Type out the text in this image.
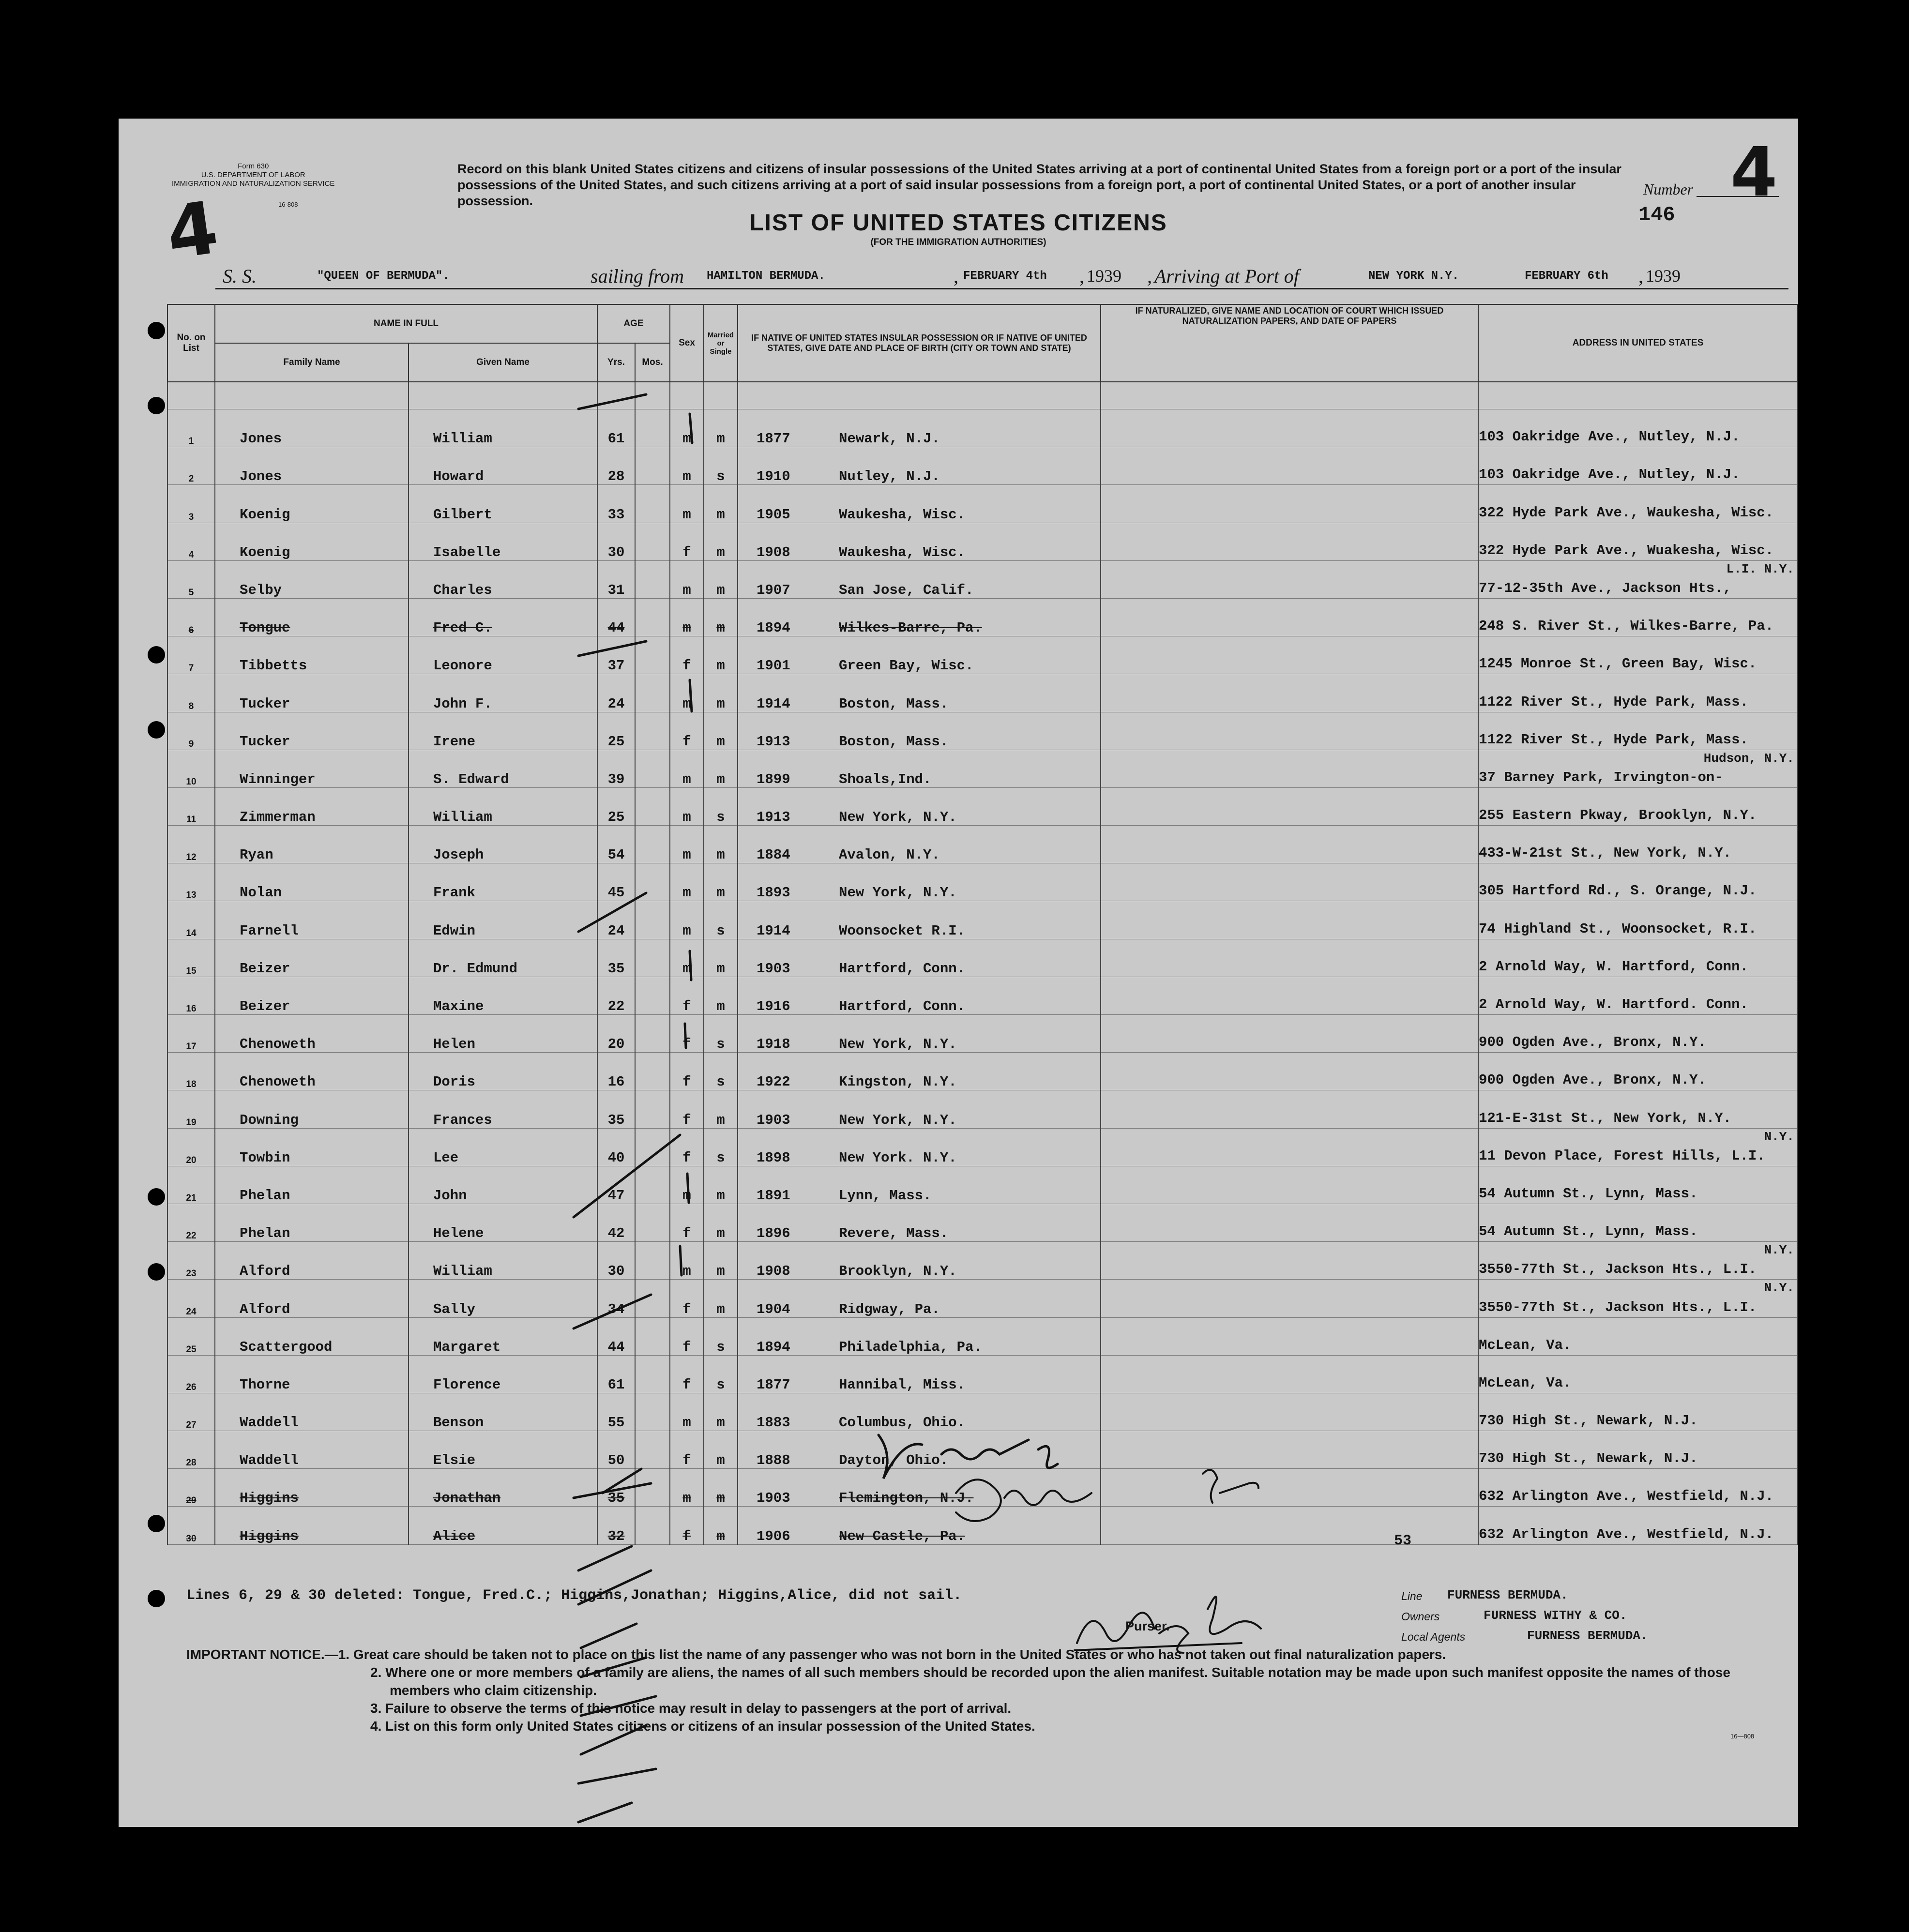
Form 630
U.S. DEPARTMENT OF LABOR
IMMIGRATION AND NATURALIZATION SERVICE
16-808
4
Record on this blank United States citizens and citizens of insular possessions of the United States arriving at a port of continental United States from a foreign port or a port of the insular possessions of the United States, and such citizens arriving at a port of said insular possessions from a foreign port, a port of continental United States, or a port of another insular possession.
Number 4
146
LIST OF UNITED STATES CITIZENS
(FOR THE IMMIGRATION AUTHORITIES)
S. S.	"QUEEN OF BERMUDA".	sailing from HAMILTON BERMUDA.	, FEBRUARY 4th , 1939 , Arriving at Port of	NEW YORK N.Y.	FEBRUARY 6th , 1939
No. on List	NAME IN FULL		AGE		Sex	Married or Single	IF NATIVE OF UNITED STATES INSULAR POSSESSION OR IF NATIVE OF UNITED STATES, GIVE DATE AND PLACE OF BIRTH (CITY OR TOWN AND STATE)	IF NATURALIZED, GIVE NAME AND LOCATION OF COURT WHICH ISSUED NATURALIZATION PAPERS, AND DATE OF PAPERS	ADDRESS IN UNITED STATES
	Family Name	Given Name	Yrs.	Mos.					

1	Jones	William	61		m	m	1877 Newark, N.J.		103 Oakridge Ave., Nutley, N.J.

2	Jones	Howard	28		m	s	1910 Nutley, N.J.		103 Oakridge Ave., Nutley, N.J.

3	Koenig	Gilbert	33		m	m	1905 Waukesha, Wisc.		322 Hyde Park Ave., Waukesha, Wisc.

4	Koenig	Isabelle	30		f	m	1908 Waukesha, Wisc.		322 Hyde Park Ave., Wuakesha, Wisc.

5	Selby	Charles	31		m	m	1907 San Jose, Calif.		L.I. N.Y.
77-12-35th Ave., Jackson Hts.,

6	Tongue	Fred C.	44		m	m	1894 Wilkes-Barre, Pa.		248 S. River St., Wilkes-Barre, Pa.

7	Tibbetts	Leonore	37		f	m	1901 Green Bay, Wisc.		1245 Monroe St., Green Bay, Wisc.

8	Tucker	John F.	24		m	m	1914 Boston, Mass.		1122 River St., Hyde Park, Mass.

9	Tucker	Irene	25		f	m	1913 Boston, Mass.		1122 River St., Hyde Park, Mass.

10	Winninger	S. Edward	39		m	m	1899 Shoals,Ind.		Hudson, N.Y.
37 Barney Park, Irvington-on-

11	Zimmerman	William	25		m	s	1913 New York, N.Y.		255 Eastern Pkway, Brooklyn, N.Y.

12	Ryan	Joseph	54		m	m	1884 Avalon, N.Y.		433-W-21st St., New York, N.Y.

13	Nolan	Frank	45		m	m	1893 New York, N.Y.		305 Hartford Rd., S. Orange, N.J.

14	Farnell	Edwin	24		m	s	1914 Woonsocket R.I.		74 Highland St., Woonsocket, R.I.

15	Beizer	Dr. Edmund	35		m	m	1903 Hartford, Conn.		2 Arnold Way, W. Hartford, Conn.

16	Beizer	Maxine	22		f	m	1916 Hartford, Conn.		2 Arnold Way, W. Hartford. Conn.

17	Chenoweth	Helen	20		f	s	1918 New York, N.Y.		900 Ogden Ave., Bronx, N.Y.

18	Chenoweth	Doris	16		f	s	1922 Kingston, N.Y.		900 Ogden Ave., Bronx, N.Y.

19	Downing	Frances	35		f	m	1903 New York, N.Y.		121-E-31st St., New York, N.Y.

20	Towbin	Lee	40		f	s	1898 New York. N.Y.		N.Y.
11 Devon Place, Forest Hills, L.I.

21	Phelan	John	47		m	m	1891 Lynn, Mass.		54 Autumn St., Lynn, Mass.

22	Phelan	Helene	42		f	m	1896 Revere, Mass.		54 Autumn St., Lynn, Mass.

23	Alford	William	30		m	m	1908 Brooklyn, N.Y.		N.Y.
3550-77th St., Jackson Hts., L.I.

24	Alford	Sally	34		f	m	1904 Ridgway, Pa.		N.Y.
3550-77th St., Jackson Hts., L.I.

25	Scattergood	Margaret	44		f	s	1894 Philadelphia, Pa.		McLean, Va.

26	Thorne	Florence	61		f	s	1877 Hannibal, Miss.		McLean, Va.

27	Waddell	Benson	55		m	m	1883 Columbus, Ohio.		730 High St., Newark, N.J.

28	Waddell	Elsie	50		f	m	1888 Dayton, Ohio.		730 High St., Newark, N.J.

29	Higgins	Jonathan	35		m	m	1903 Flemington, N.J.		632 Arlington Ave., Westfield, N.J.

30	Higgins	Alice	32		f	m	1906 New Castle, Pa.		632 Arlington Ave., Westfield, N.J.
53
Lines 6, 29 & 30 deleted: Tongue, Fred.C.; Higgins,Jonathan; Higgins,Alice, did not sail.
Purser.
Line FURNESS BERMUDA.
Owners	FURNESS WITHY & CO.
Local Agents	FURNESS BERMUDA.
IMPORTANT NOTICE.—1. Great care should be taken not to place on this list the name of any passenger who was not born in the United States or who has not taken out final naturalization papers.
2. Where one or more members of a family are aliens, the names of all such members should be recorded upon the alien manifest. Suitable notation may be made upon such manifest opposite the names of those members who claim citizenship.
3. Failure to observe the terms of this notice may result in delay to passengers at the port of arrival.
4. List on this form only United States citizens or citizens of an insular possession of the United States.
16—808
